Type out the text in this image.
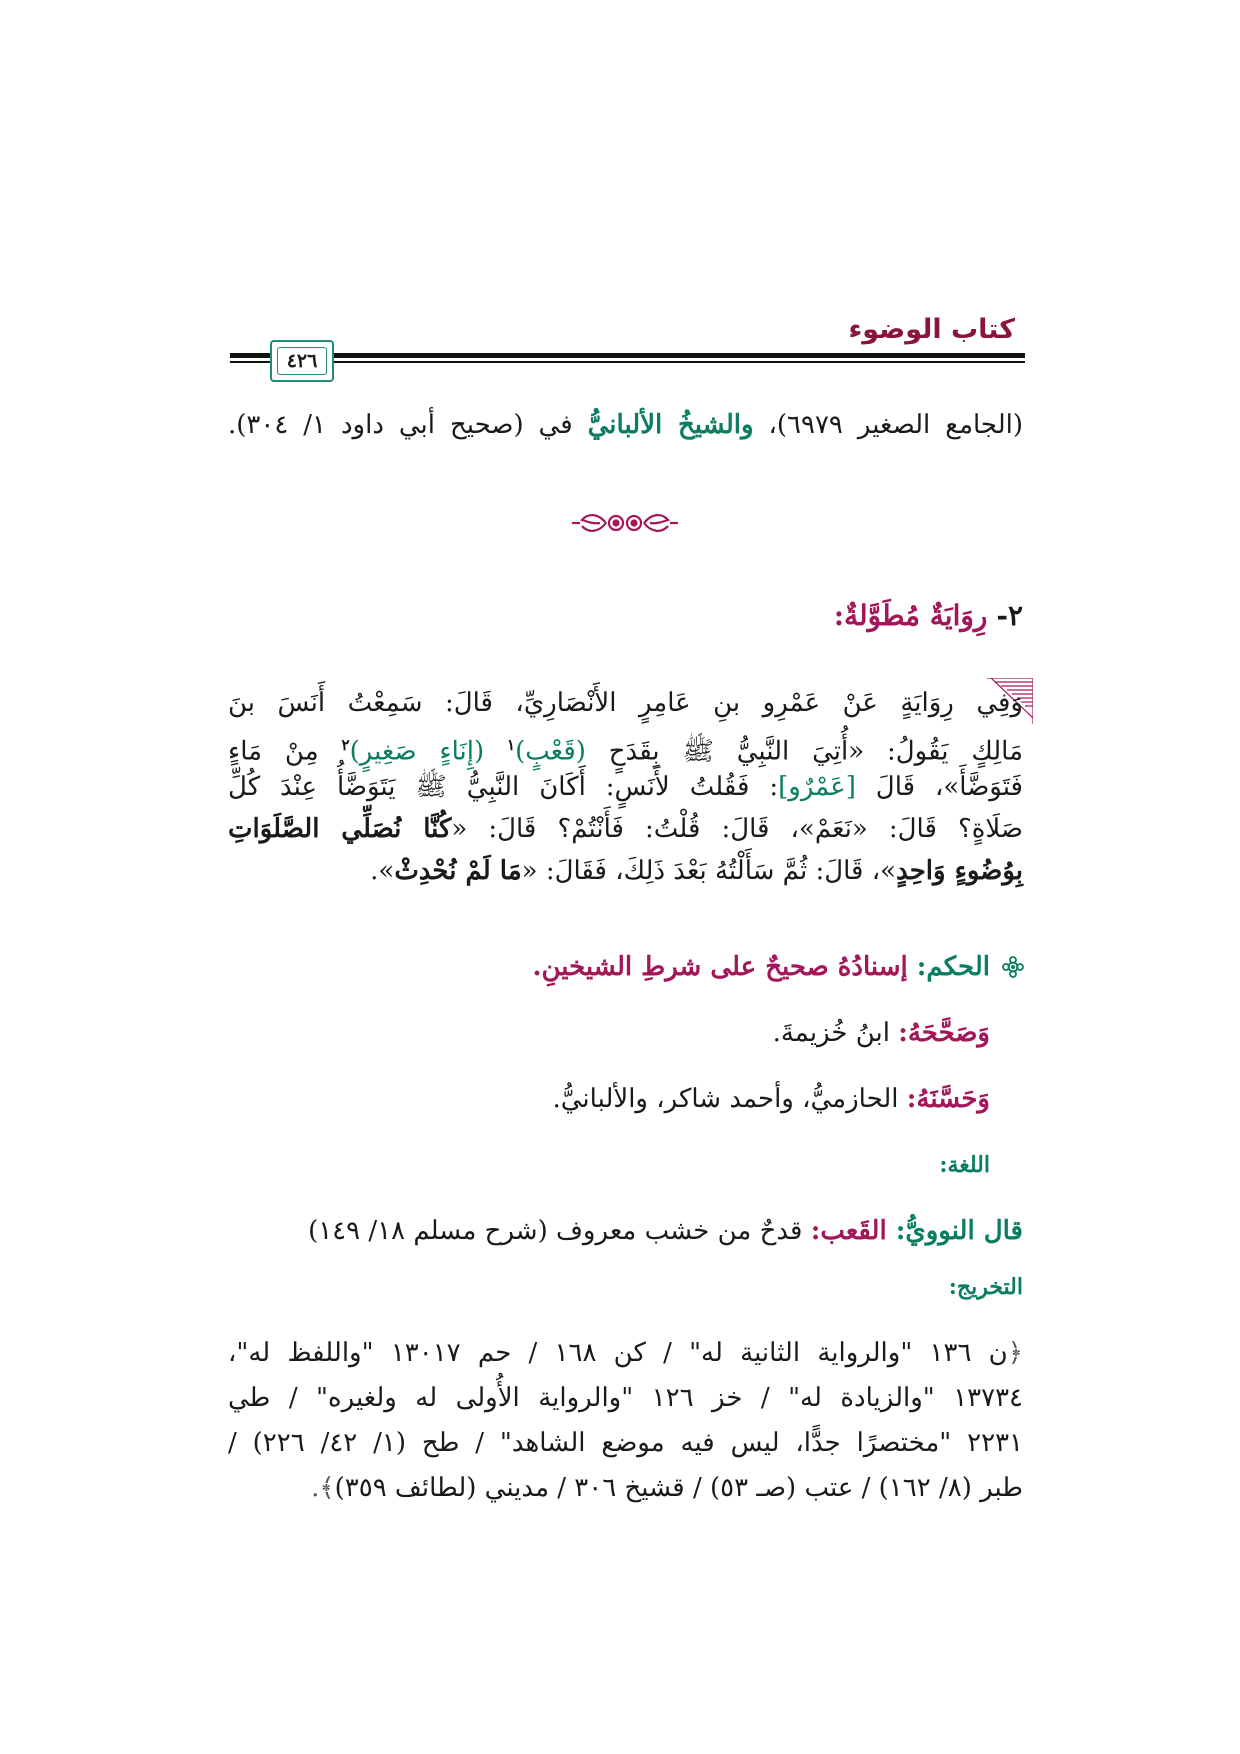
كتاب الوضوء
٤٢٦
(الجامع الصغير ٦٩٧٩)، والشيخُ الألبانيُّ في (صحيح أبي داود ١/ ٣٠٤).
٢- رِوَايَةٌ مُطَوَّلةٌ:
وَفِي رِوَايَةٍ عَنْ عَمْرِو بنِ عَامِرٍ الأَنْصَارِيِّ، قَالَ: سَمِعْتُ أَنَسَ بنَ
مَالِكٍ يَقُولُ: «أُتِيَ النَّبِيُّ ﷺ بِقَدَحٍ (قَعْبٍ)$^١$ (إِنَاءٍ صَغِيرٍ)$^٢$ مِنْ مَاءٍ
فَتَوَضَّأَ»، قَالَ [عَمْرٌو]: فَقُلتُ لأَنَسٍ: أَكَانَ النَّبِيُّ ﷺ يَتَوَضَّأُ عِنْدَ كُلِّ
صَلَاةٍ؟ قَالَ: «نَعَمْ»، قَالَ: قُلْتُ: فَأَنْتُمْ؟ قَالَ: «كُنَّا نُصَلِّي الصَّلَوَاتِ
بِوُضُوءٍ وَاحِدٍ»، قَالَ: ثُمَّ سَأَلْتُهُ بَعْدَ ذَلِكَ، فَقَالَ: «مَا لَمْ نُحْدِثْ».
الحكم: إسنادُهُ صحيحٌ على شرطِ الشيخينِ.
وَصَحَّحَهُ: ابنُ خُزيمةَ.
وَحَسَّنَهُ: الحازميُّ، وأحمد شاكر، والألبانيُّ.
اللغة:
قال النوويُّ: القَعب: قدحٌ من خشب معروف (شرح مسلم ١٨/ ١٤٩)
التخريج:
﴿ن ١٣٦ "والرواية الثانية له" / كن ١٦٨ / حم ١٣٠١٧ "واللفظ له"،
١٣٧٣٤ "والزيادة له" / خز ١٢٦ "والرواية الأُولى له ولغيره" / طي
٢٢٣١ "مختصرًا جدًّا، ليس فيه موضع الشاهد" / طح (١/ ٤٢/ ٢٢٦) /
طبر (٨/ ١٦٢) / عتب (صـ ٥٣) / قشيخ ٣٠٦ / مديني (لطائف ٣٥٩)﴾.
